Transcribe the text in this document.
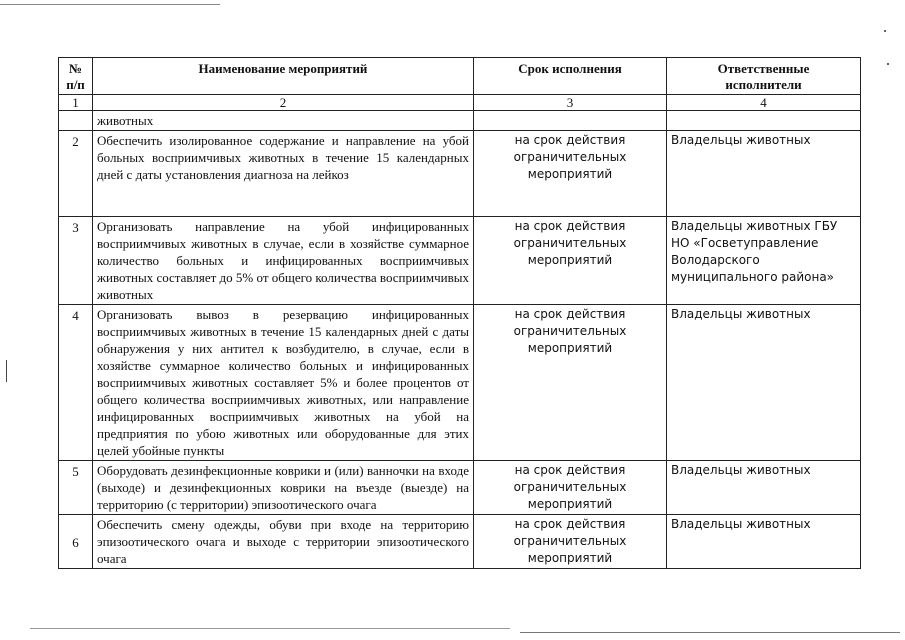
№ п/п	Наименование мероприятий	Срок исполнения	Ответственные исполнители
1	2	3	4
	животных		
2	Обеспечить изолированное содержание и направление на убой больных восприимчивых животных в течение 15 календарных дней с даты установления диагноза на лейкоз	на срок действия ограничительных мероприятий	Владельцы животных
3	Организовать направление на убой инфицированных восприимчивых животных в случае, если в хозяйстве суммарное количество больных и инфицированных восприимчивых животных составляет до 5% от общего количества восприимчивых животных	на срок действия ограничительных мероприятий	Владельцы животных ГБУ НО «Госветуправление Володарского муниципального района»
4	Организовать вывоз в резервацию инфицированных восприимчивых животных в течение 15 календарных дней с даты обнаружения у них антител к возбудителю, в случае, если в хозяйстве суммарное количество больных и инфицированных восприимчивых животных составляет 5% и более процентов от общего количества восприимчивых животных, или направление инфицированных восприимчивых животных на убой на предприятия по убою животных или оборудованные для этих целей убойные пункты	на срок действия ограничительных мероприятий	Владельцы животных
5	Оборудовать дезинфекционные коврики и (или) ванночки на входе (выходе) и дезинфекционных коврики на въезде (выезде) на территорию (с территории) эпизоотического очага	на срок действия ограничительных мероприятий	Владельцы животных
6	Обеспечить смену одежды, обуви при входе на территорию эпизоотического очага и выходе с территории эпизоотического очага	на срок действия ограничительных мероприятий	Владельцы животных
